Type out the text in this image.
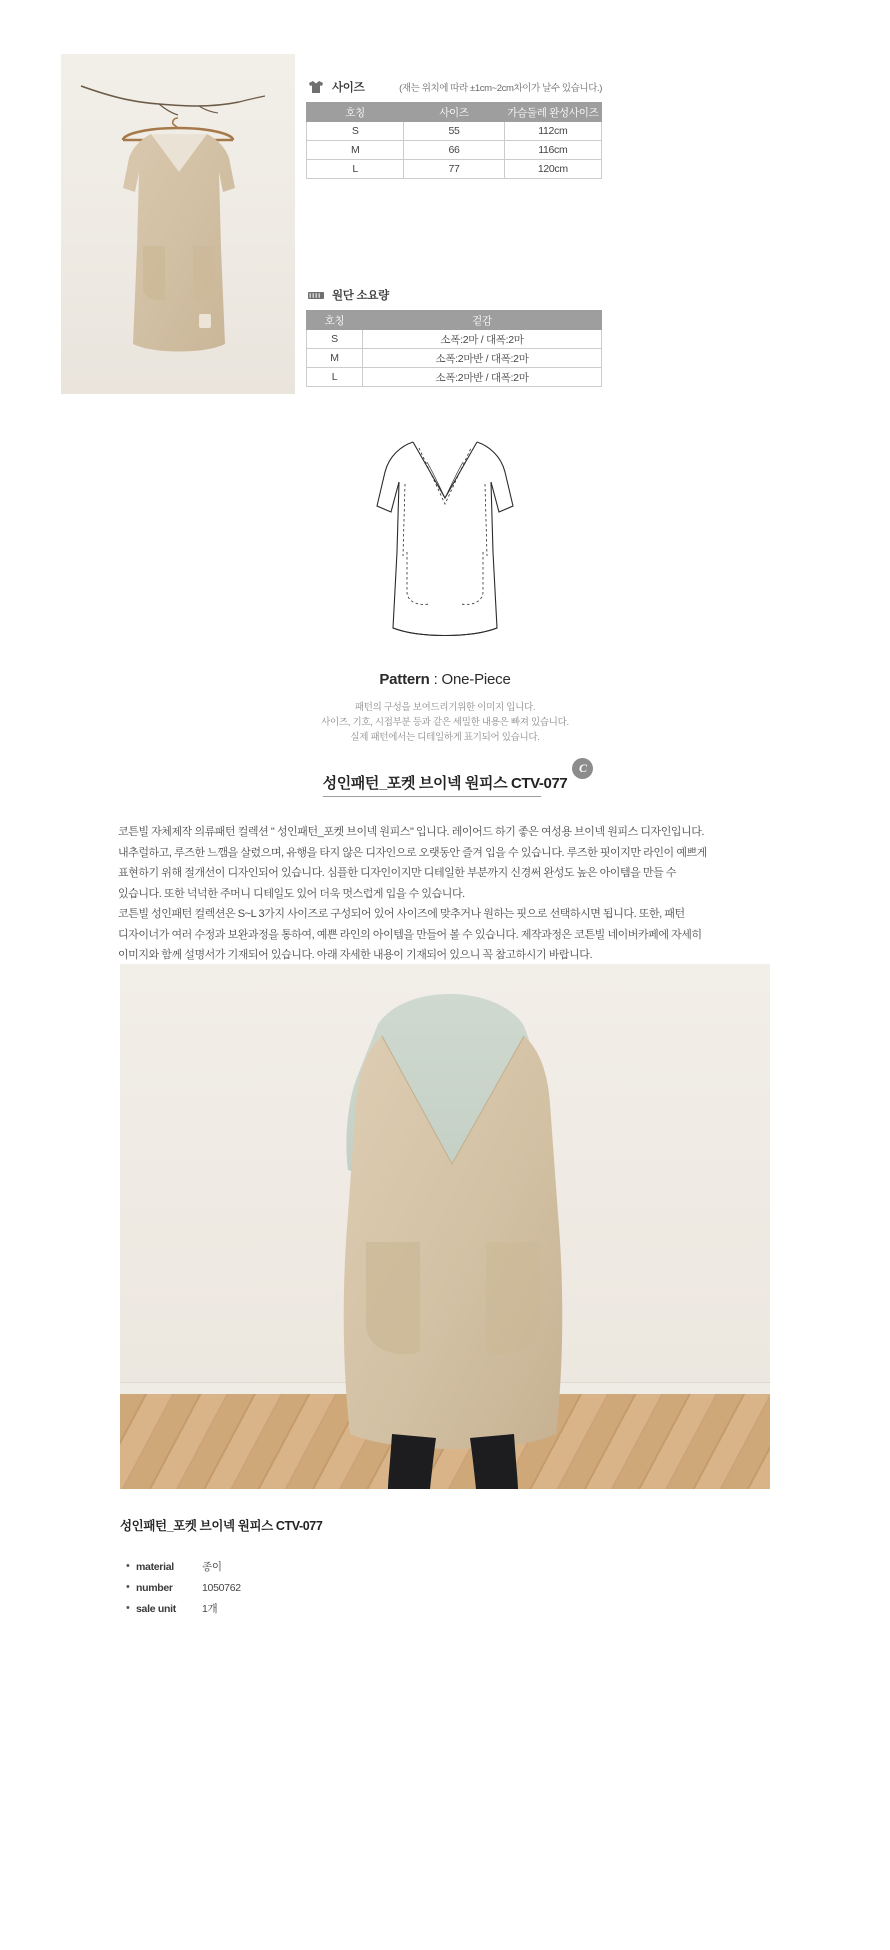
사이즈	(재는 위치에 따라 ±1cm~2cm차이가 날수 있습니다.)
호칭	사이즈	가슴둘레 완성사이즈
S	55	112cm
M	66	116cm
L	77	120cm
원단 소요량
호칭	겉감
S	소폭:2마 / 대폭:2마
M	소폭:2마반 / 대폭:2마
L	소폭:2마반 / 대폭:2마
Pattern : One-Piece
패턴의 구성을 보여드리기위한 이미지 입니다.
사이즈, 기호, 시접부분 등과 같은 세밀한 내용은 빠져 있습니다.
실제 패턴에서는 디테일하게 표기되어 있습니다.
성인패턴_포켓 브이넥 원피스 CTV-077
C

코튼빌 자체제작 의류패턴 컬렉션 " 성인패턴_포켓 브이넥 원피스" 입니다. 레이어드 하기 좋은 여성용 브이넥 원피스 디자인입니다.
내추럴하고, 루즈한 느깸을 살렸으며, 유행을 타지 않은 디자인으로 오랫동안 즐겨 입을 수 있습니다. 루즈한 핏이지만 라인이 예쁘게
표현하기 위해 절개선이 디자인되어 있습니다. 심플한 디자인이지만 디테일한 부분까지 신경써 완성도 높은 아이템을 만들 수
있습니다. 또한 넉넉한 주머니 디테일도 있어 더욱 멋스럽게 입을 수 있습니다.

코튼빌 성인패턴 컬렉션은 S~L 3가지 사이즈로 구성되어 있어 사이즈에 맞추거나 원하는 핏으로 선택하시면 됩니다. 또한, 패턴
디자이너가 여러 수정과 보완과정을 통하여, 예쁜 라인의 아이템을 만들어 볼 수 있습니다. 제작과정은 코튼빌 네이버카페에 자세히
이미지와 함께 설명서가 기재되어 있습니다. 아래 자세한 내용이 기재되어 있으니 꼭 참고하시기 바랍니다.

성인패턴_포켓 브이넥 원피스 CTV-077
• material	종이
• number	1050762
• sale unit	1개
